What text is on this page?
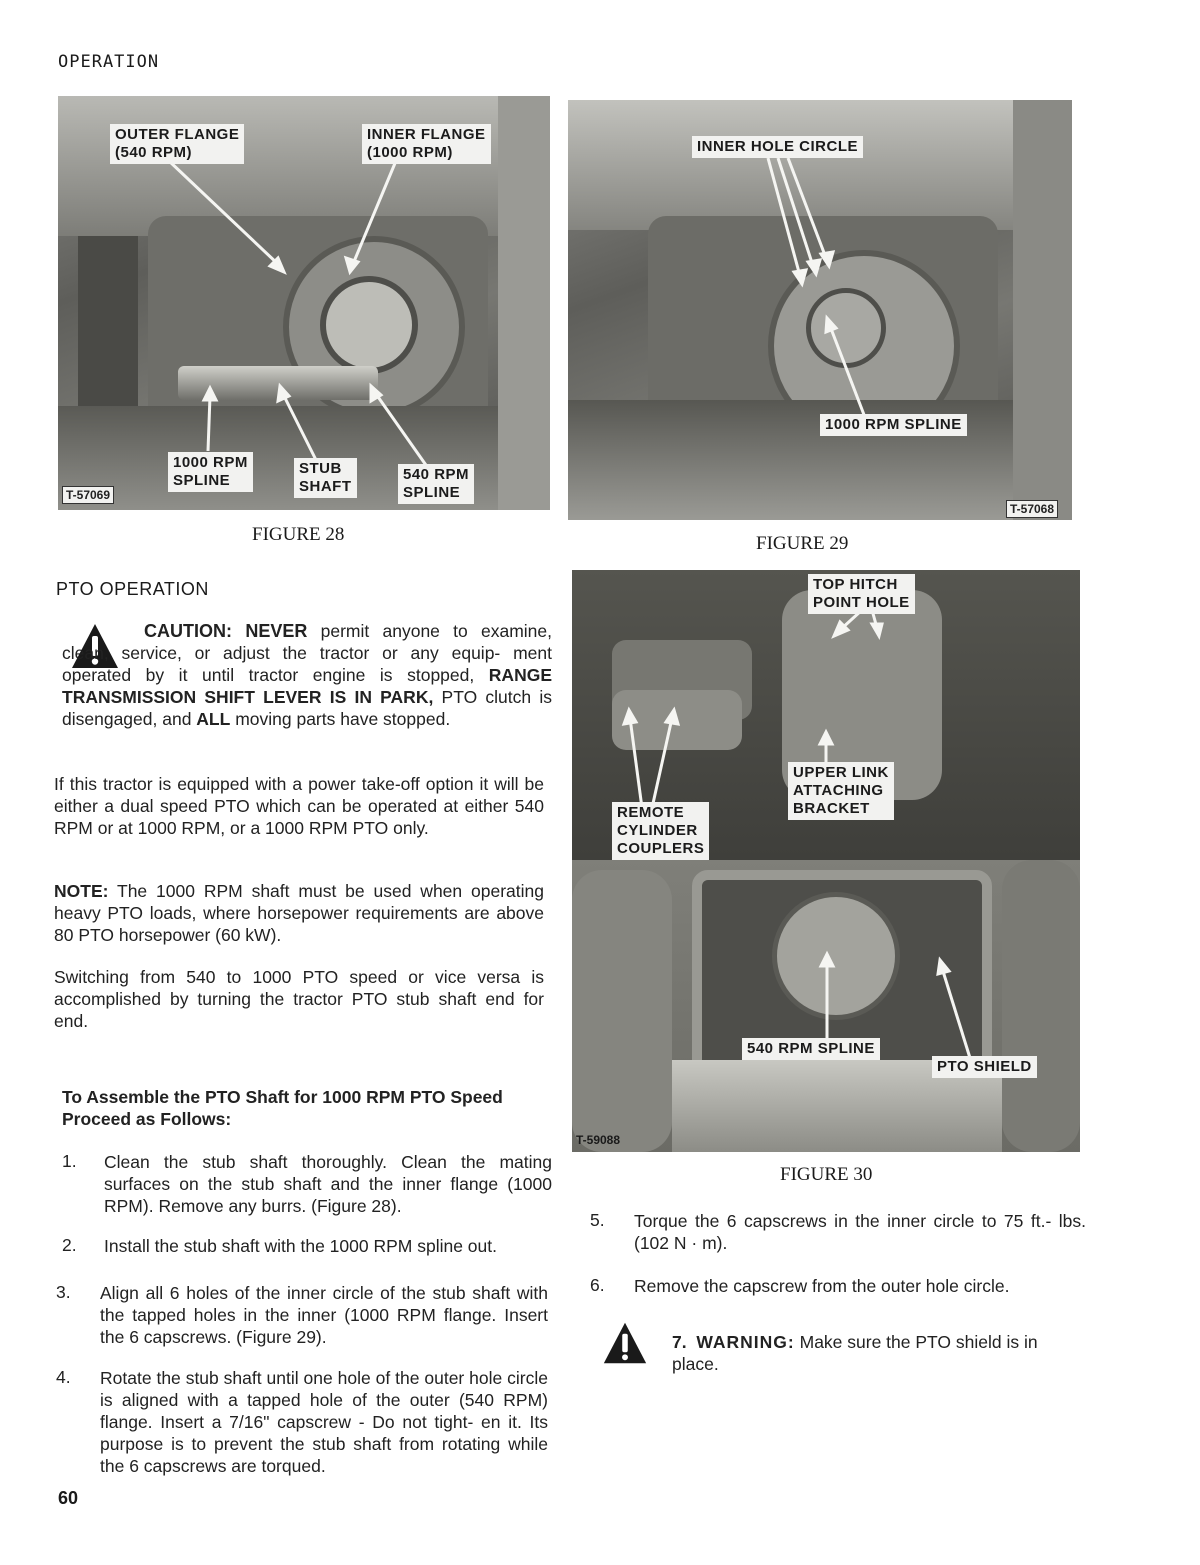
OPERATION
OUTER FLANGE
(540 RPM)
INNER FLANGE
(1000 RPM)
1000 RPM
SPLINE
STUB
SHAFT
540 RPM
SPLINE
T-57069
FIGURE 28
INNER HOLE CIRCLE
1000 RPM SPLINE
T-57068
FIGURE 29
TOP HITCH
POINT HOLE
UPPER LINK
ATTACHING
BRACKET
REMOTE
CYLINDER
COUPLERS
540 RPM SPLINE
PTO SHIELD
T-59088
FIGURE 30
PTO OPERATION
CAUTION: NEVER permit anyone to examine, clean, service, or adjust the tractor or any equip- ment operated by it until tractor engine is stopped, RANGE TRANSMISSION SHIFT LEVER IS IN PARK, PTO clutch is disengaged, and ALL moving parts have stopped.
If this tractor is equipped with a power take-off option it will be either a dual speed PTO which can be operated at either 540 RPM or at 1000 RPM, or a 1000 RPM PTO only.
NOTE: The 1000 RPM shaft must be used when operating heavy PTO loads, where horsepower requirements are above 80 PTO horsepower (60 kW).
Switching from 540 to 1000 PTO speed or vice versa is accomplished by turning the tractor PTO stub shaft end for end.
To Assemble the PTO Shaft for 1000 RPM PTO Speed Proceed as Follows:
1. Clean the stub shaft thoroughly. Clean the mating surfaces on the stub shaft and the inner flange (1000 RPM). Remove any burrs. (Figure 28).
2. Install the stub shaft with the 1000 RPM spline out.
3. Align all 6 holes of the inner circle of the stub shaft with the tapped holes in the inner (1000 RPM flange. Insert the 6 capscrews. (Figure 29).
4. Rotate the stub shaft until one hole of the outer hole circle is aligned with a tapped hole of the outer (540 RPM) flange. Insert a 7/16" capscrew - Do not tight- en it. Its purpose is to prevent the stub shaft from rotating while the 6 capscrews are torqued.
5. Torque the 6 capscrews in the inner circle to 75 ft.- lbs. (102 N · m).
6. Remove the capscrew from the outer hole circle.
7. WARNING: Make sure the PTO shield is in place.
60
